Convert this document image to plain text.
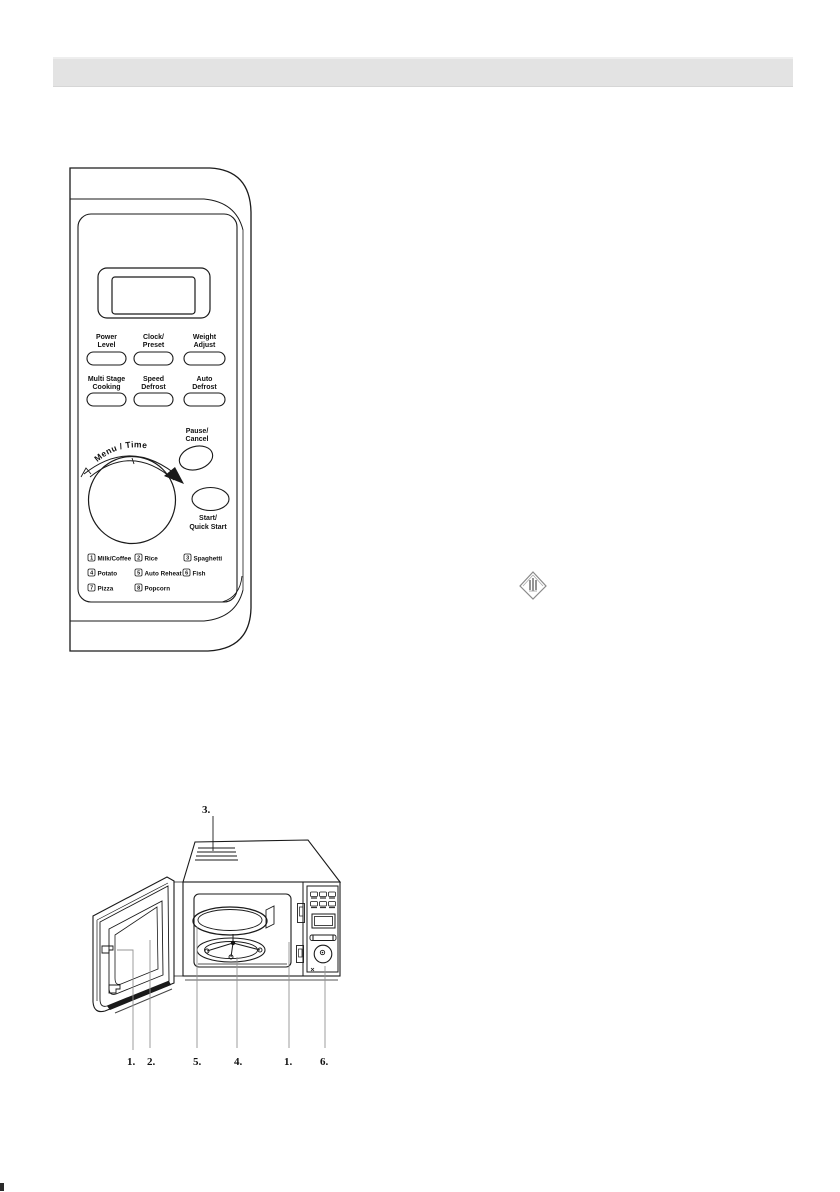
Power
Level
Clock/
Preset
Weight
Adjust
Multi Stage
Cooking
Speed
Defrost
Auto
Defrost
Pause/
Cancel
Menu / Time
Start/
Quick Start
1 Milk/Coffee 2 Rice	3 Spaghetti
4 Potato	5 Auto Reheat 6 Fish
7 Pizza	8 Popcorn
3.
1. 2.	5.	4.	1.	6.
